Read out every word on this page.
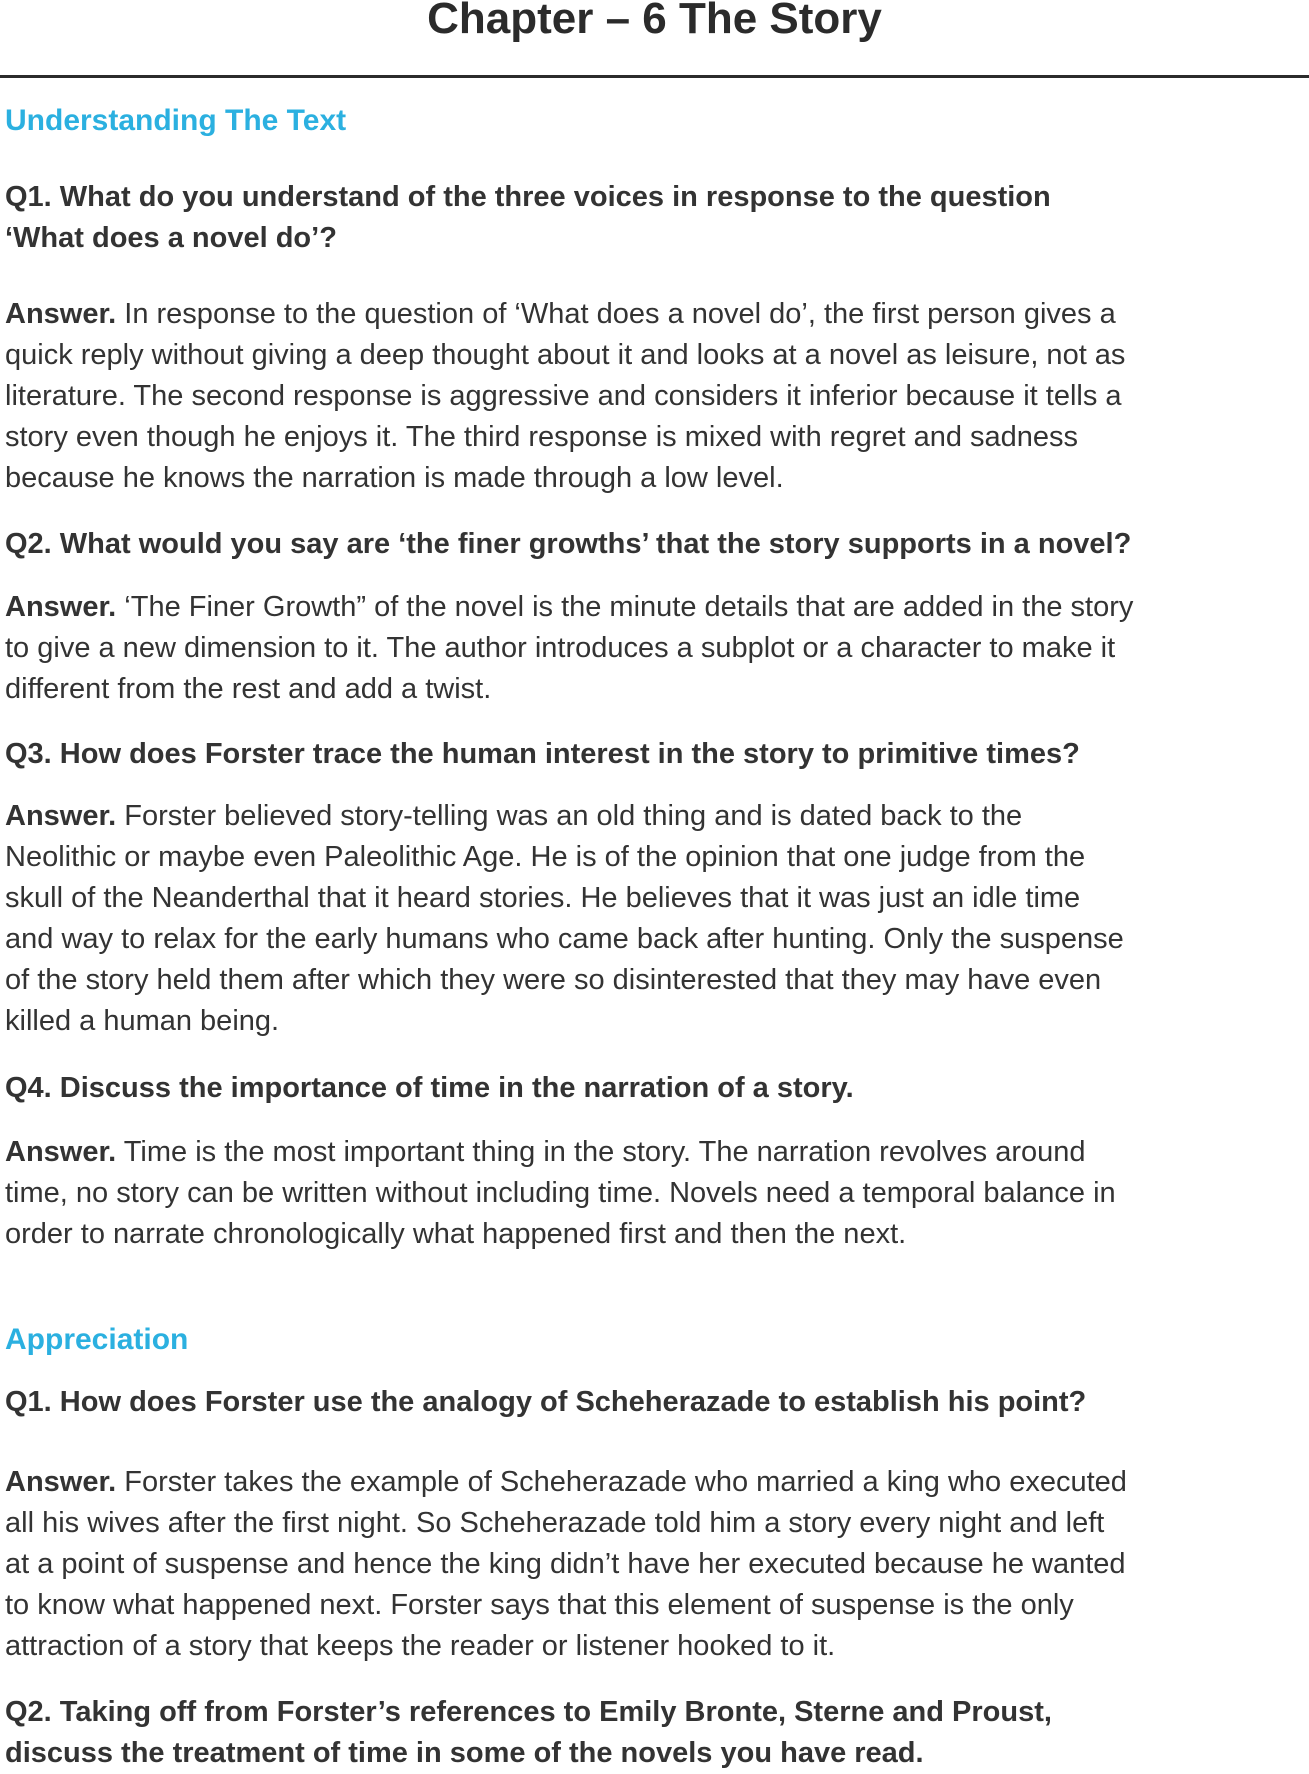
Chapter – 6 The Story
Understanding The Text
Q1. What do you understand of the three voices in response to the question
‘What does a novel do’?
Answer. In response to the question of ‘What does a novel do’, the first person gives a
quick reply without giving a deep thought about it and looks at a novel as leisure, not as
literature. The second response is aggressive and considers it inferior because it tells a
story even though he enjoys it. The third response is mixed with regret and sadness
because he knows the narration is made through a low level.
Q2. What would you say are ‘the finer growths’ that the story supports in a novel?
Answer. ‘The Finer Growth” of the novel is the minute details that are added in the story
to give a new dimension to it. The author introduces a subplot or a character to make it
different from the rest and add a twist.
Q3. How does Forster trace the human interest in the story to primitive times?
Answer. Forster believed story-telling was an old thing and is dated back to the
Neolithic or maybe even Paleolithic Age. He is of the opinion that one judge from the
skull of the Neanderthal that it heard stories. He believes that it was just an idle time
and way to relax for the early humans who came back after hunting. Only the suspense
of the story held them after which they were so disinterested that they may have even
killed a human being.
Q4. Discuss the importance of time in the narration of a story.
Answer. Time is the most important thing in the story. The narration revolves around
time, no story can be written without including time. Novels need a temporal balance in
order to narrate chronologically what happened first and then the next.
Appreciation
Q1. How does Forster use the analogy of Scheherazade to establish his point?
Answer. Forster takes the example of Scheherazade who married a king who executed
all his wives after the first night. So Scheherazade told him a story every night and left
at a point of suspense and hence the king didn’t have her executed because he wanted
to know what happened next. Forster says that this element of suspense is the only
attraction of a story that keeps the reader or listener hooked to it.
Q2. Taking off from Forster’s references to Emily Bronte, Sterne and Proust,
discuss the treatment of time in some of the novels you have read.
